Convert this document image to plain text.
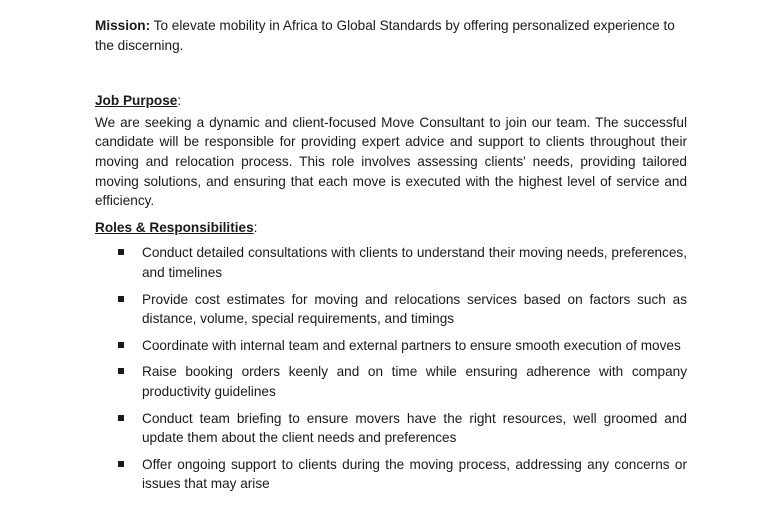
Mission: To elevate mobility in Africa to Global Standards by offering personalized experience to the discerning.

Job Purpose:

We are seeking a dynamic and client-focused Move Consultant to join our team. The successful candidate will be responsible for providing expert advice and support to clients throughout their moving and relocation process. This role involves assessing clients' needs, providing tailored moving solutions, and ensuring that each move is executed with the highest level of service and efficiency.

Roles & Responsibilities:
Conduct detailed consultations with clients to understand their moving needs, preferences, and timelines
Provide cost estimates for moving and relocations services based on factors such as distance, volume, special requirements, and timings
Coordinate with internal team and external partners to ensure smooth execution of moves
Raise booking orders keenly and on time while ensuring adherence with company productivity guidelines
Conduct team briefing to ensure movers have the right resources, well groomed and update them about the client needs and preferences
Offer ongoing support to clients during the moving process, addressing any concerns or issues that may arise
